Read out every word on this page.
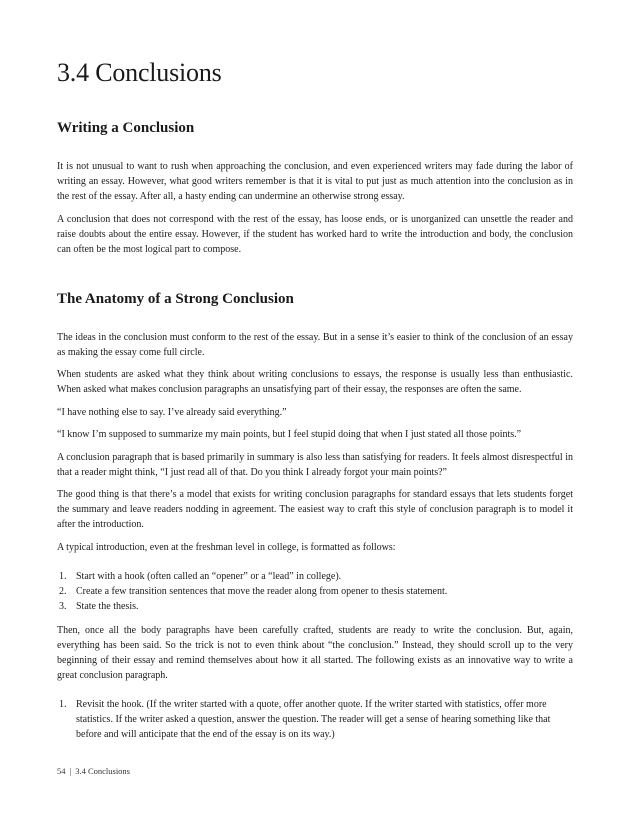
3.4 Conclusions
Writing a Conclusion

It is not unusual to want to rush when approaching the conclusion, and even experienced writers may fade during the labor of writing an essay. However, what good writers remember is that it is vital to put just as much attention into the conclusion as in the rest of the essay. After all, a hasty ending can undermine an otherwise strong essay.

A conclusion that does not correspond with the rest of the essay, has loose ends, or is unorganized can unsettle the reader and raise doubts about the entire essay. However, if the student has worked hard to write the introduction and body, the conclusion can often be the most logical part to compose.

The Anatomy of a Strong Conclusion

The ideas in the conclusion must conform to the rest of the essay. But in a sense it’s easier to think of the conclusion of an essay as making the essay come full circle.

When students are asked what they think about writing conclusions to essays, the response is usually less than enthusiastic. When asked what makes conclusion paragraphs an unsatisfying part of their essay, the responses are often the same.

“I have nothing else to say. I’ve already said everything.”

“I know I’m supposed to summarize my main points, but I feel stupid doing that when I just stated all those points.”

A conclusion paragraph that is based primarily in summary is also less than satisfying for readers. It feels almost disrespectful in that a reader might think, “I just read all of that. Do you think I already forgot your main points?”

The good thing is that there’s a model that exists for writing conclusion paragraphs for standard essays that lets students forget the summary and leave readers nodding in agreement. The easiest way to craft this style of conclusion paragraph is to model it after the introduction.

A typical introduction, even at the freshman level in college, is formatted as follows:

1. Start with a hook (often called an “opener” or a “lead” in college).
2. Create a few transition sentences that move the reader along from opener to thesis statement.
3. State the thesis.

Then, once all the body paragraphs have been carefully crafted, students are ready to write the conclusion. But, again, everything has been said. So the trick is not to even think about “the conclusion.” Instead, they should scroll up to the very beginning of their essay and remind themselves about how it all started. The following exists as an innovative way to write a great conclusion paragraph.

1. Revisit the hook. (If the writer started with a quote, offer another quote. If the writer started with statistics, offer more statistics. If the writer asked a question, answer the question. The reader will get a sense of hearing something like that before and will anticipate that the end of the essay is on its way.)
54 | 3.4 Conclusions
